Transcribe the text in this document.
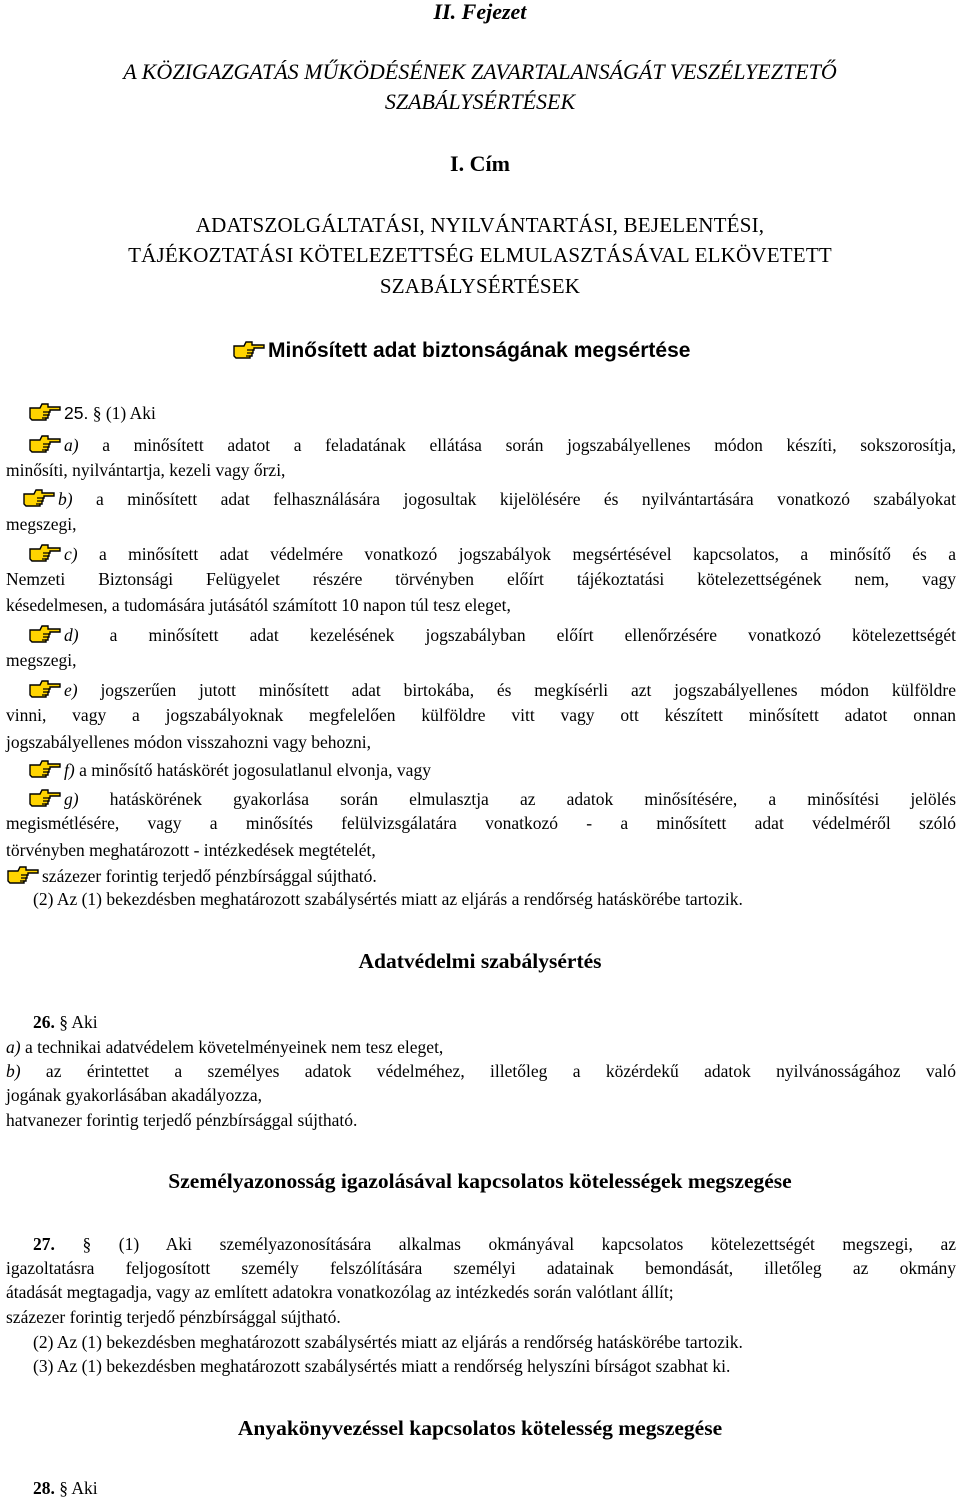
II. Fejezet
A KÖZIGAZGATÁS MŰKÖDÉSÉNEK ZAVARTALANSÁGÁT VESZÉLYEZTETŐ
SZABÁLYSÉRTÉSEK
I. Cím
ADATSZOLGÁLTATÁSI, NYILVÁNTARTÁSI, BEJELENTÉSI,
TÁJÉKOZTATÁSI KÖTELEZETTSÉG ELMULASZTÁSÁVAL ELKÖVETETT
SZABÁLYSÉRTÉSEK
Minősített adat biztonságának megsértése
25. § (1) Aki
a) a minősített adatot a feladatának ellátása során jogszabályellenes módon készíti, sokszorosítja,
minősíti, nyilvántartja, kezeli vagy őrzi,
b) a minősített adat felhasználására jogosultak kijelölésére és nyilvántartására vonatkozó szabályokat
megszegi,
c) a minősített adat védelmére vonatkozó jogszabályok megsértésével kapcsolatos, a minősítő és a
Nemzeti Biztonsági Felügyelet részére törvényben előírt tájékoztatási kötelezettségének nem, vagy
késedelmesen, a tudomására jutásától számított 10 napon túl tesz eleget,
d) a minősített adat kezelésének jogszabályban előírt ellenőrzésére vonatkozó kötelezettségét
megszegi,
e) jogszerűen jutott minősített adat birtokába, és megkísérli azt jogszabályellenes módon külföldre
vinni, vagy a jogszabályoknak megfelelően külföldre vitt vagy ott készített minősített adatot onnan
jogszabályellenes módon visszahozni vagy behozni,
f) a minősítő hatáskörét jogosulatlanul elvonja, vagy
g) hatáskörének gyakorlása során elmulasztja az adatok minősítésére, a minősítési jelölés
megismétlésére, vagy a minősítés felülvizsgálatára vonatkozó - a minősített adat védelméről szóló
törvényben meghatározott - intézkedések megtételét,
százezer forintig terjedő pénzbírsággal sújtható.
(2) Az (1) bekezdésben meghatározott szabálysértés miatt az eljárás a rendőrség hatáskörébe tartozik.
Adatvédelmi szabálysértés
26. § Aki
a) a technikai adatvédelem követelményeinek nem tesz eleget,
b) az érintettet a személyes adatok védelméhez, illetőleg a közérdekű adatok nyilvánosságához való
jogának gyakorlásában akadályozza,
hatvanezer forintig terjedő pénzbírsággal sújtható.
Személyazonosság igazolásával kapcsolatos kötelességek megszegése
27. § (1) Aki személyazonosítására alkalmas okmányával kapcsolatos kötelezettségét megszegi, az
igazoltatásra feljogosított személy felszólítására személyi adatainak bemondását, illetőleg az okmány
átadását megtagadja, vagy az említett adatokra vonatkozólag az intézkedés során valótlant állít;
százezer forintig terjedő pénzbírsággal sújtható.
(2) Az (1) bekezdésben meghatározott szabálysértés miatt az eljárás a rendőrség hatáskörébe tartozik.
(3) Az (1) bekezdésben meghatározott szabálysértés miatt a rendőrség helyszíni bírságot szabhat ki.
Anyakönyvezéssel kapcsolatos kötelesség megszegése
28. § Aki
